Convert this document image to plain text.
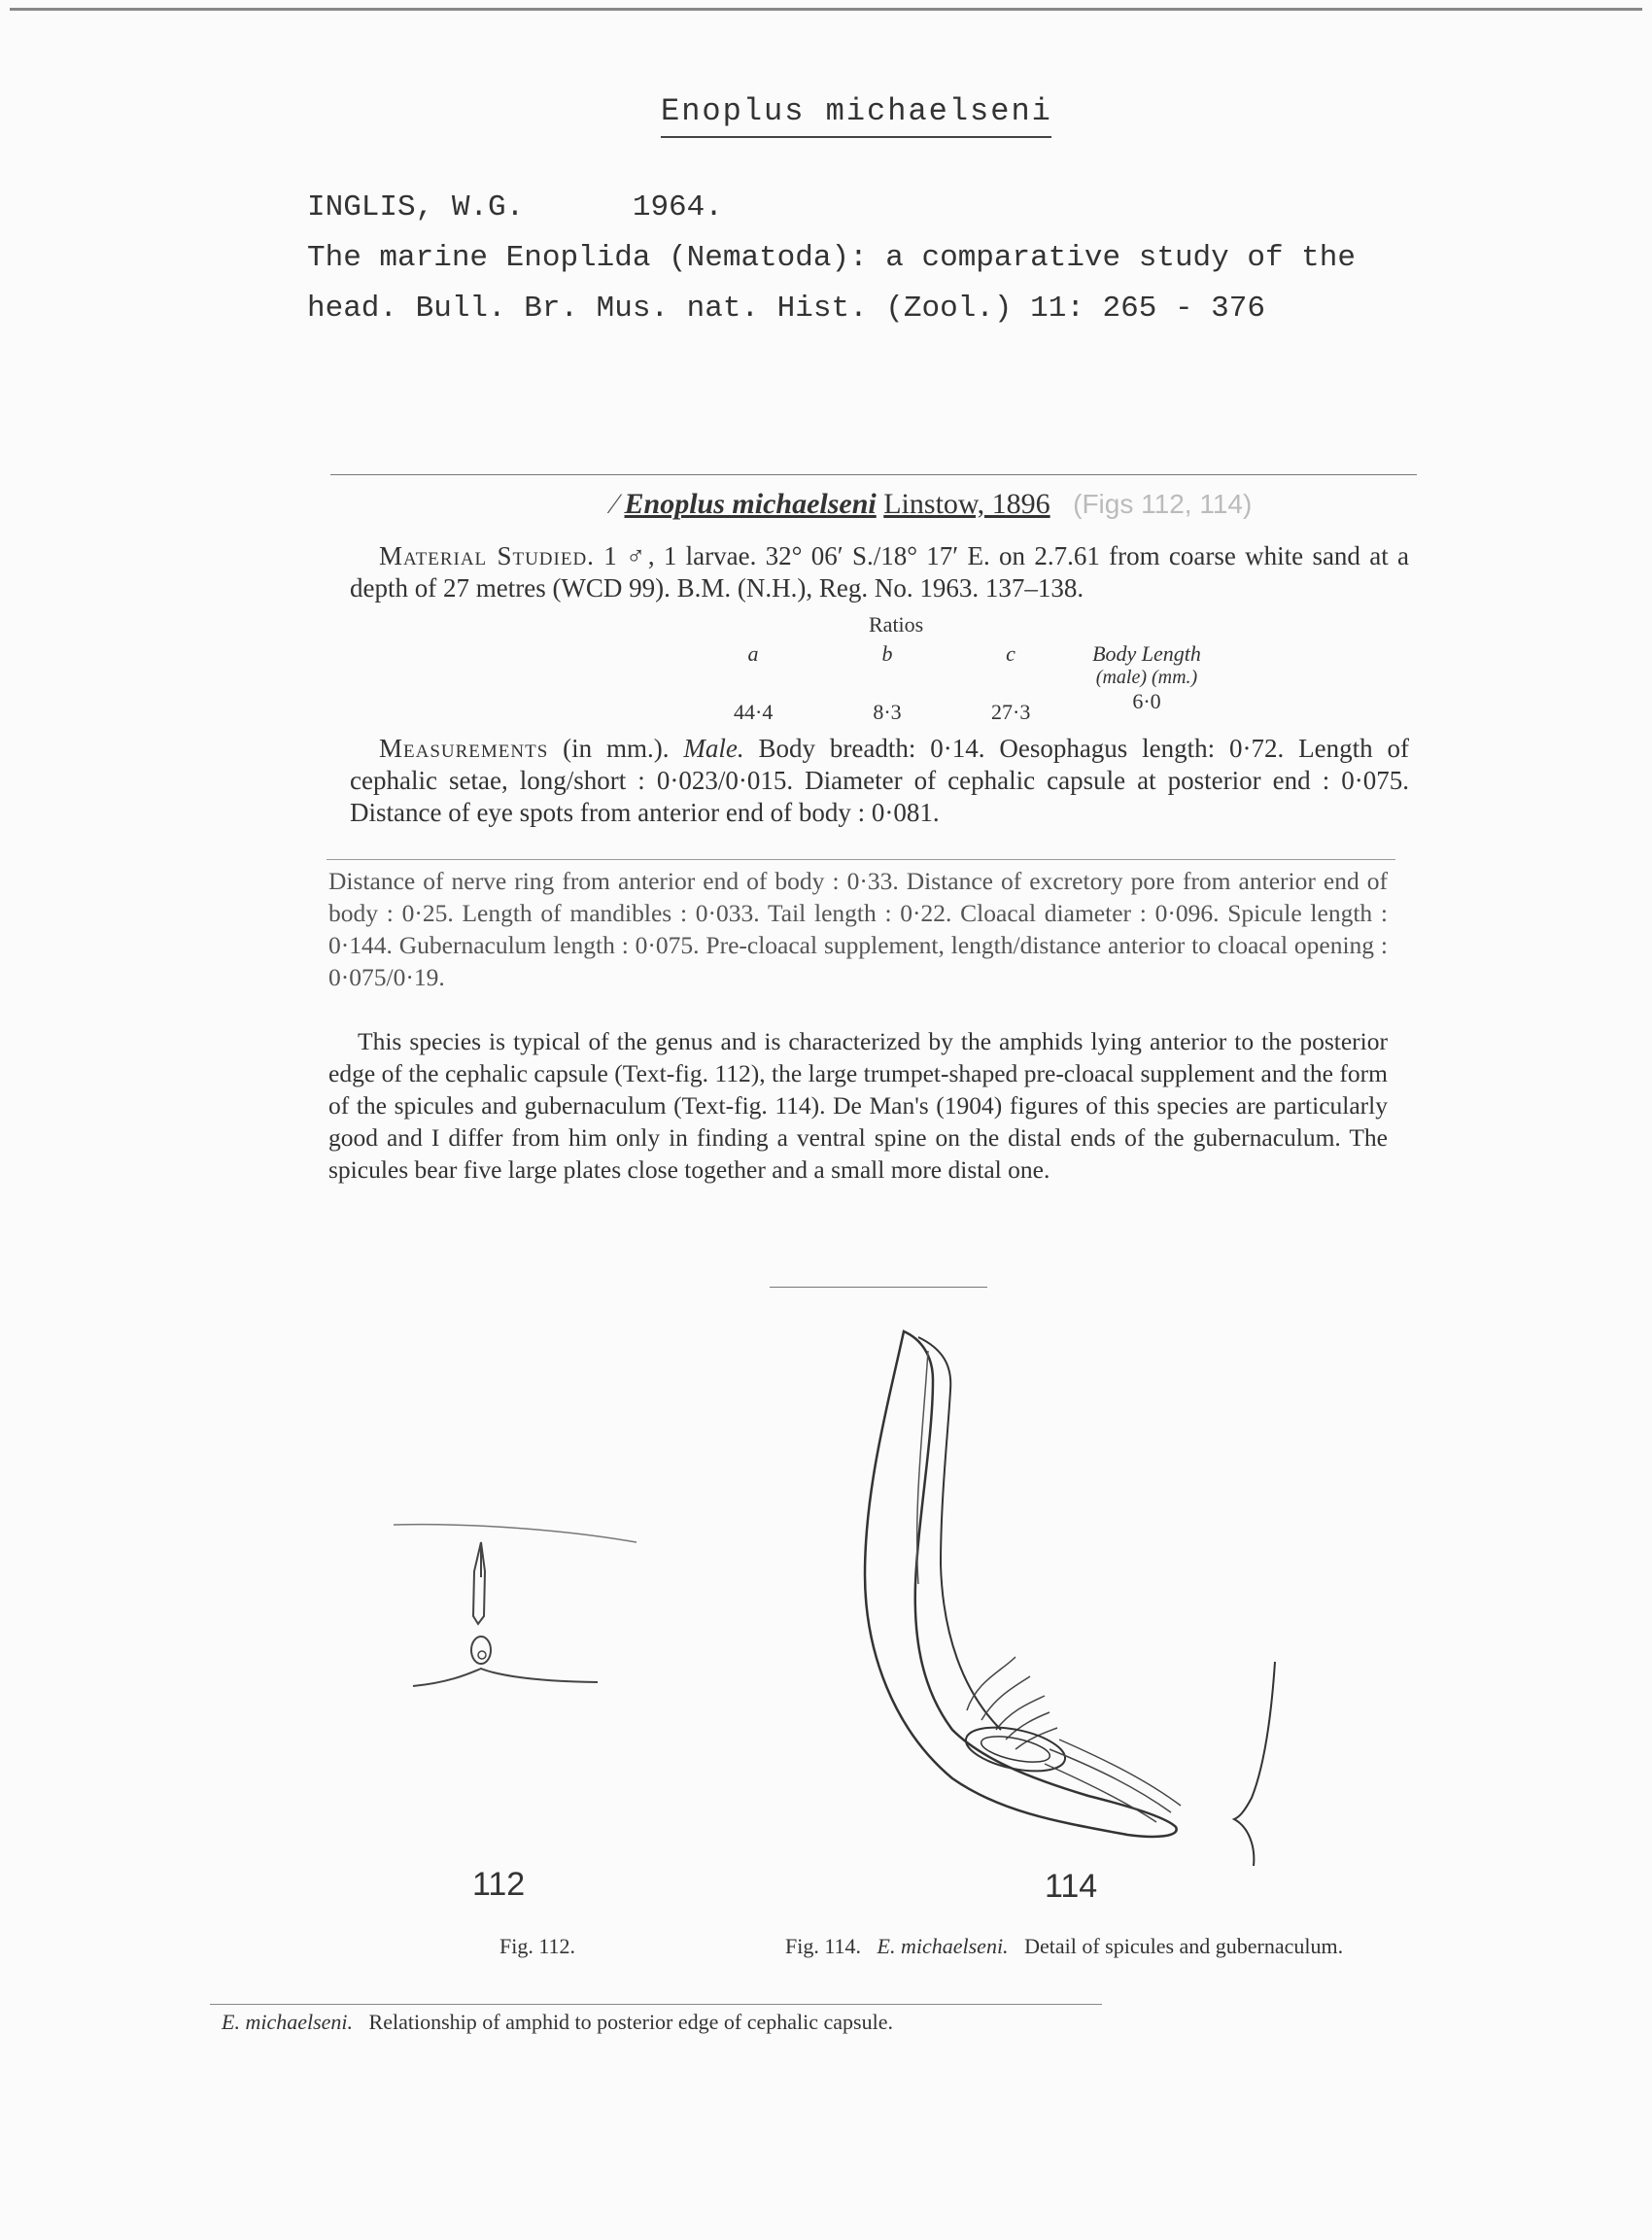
Enoplus michaelseni
INGLIS, W.G.      1964.
The marine Enoplida (Nematoda): a comparative study of the
head. Bull. Br. Mus. nat. Hist. (Zool.) 11: 265 - 376
⁄ Enoplus michaelseni Linstow, 1896 (Figs 112, 114)
Material Studied. 1 ♂, 1 larvae. 32° 06′ S./18° 17′ E. on 2.7.61 from coarse white sand at a depth of 27 metres (WCD 99). B.M. (N.H.), Reg. No. 1963. 137–138.
Ratios
a
44·4
b
8·3
c
27·3
Body Length
(male) (mm.)
6·0
Measurements (in mm.). Male. Body breadth: 0·14. Oesophagus length: 0·72. Length of cephalic setae, long/short : 0·023/0·015. Diameter of cephalic capsule at posterior end : 0·075. Distance of eye spots from anterior end of body : 0·081.
Distance of nerve ring from anterior end of body : 0·33. Distance of excretory pore from anterior end of body : 0·25. Length of mandibles : 0·033. Tail length : 0·22. Cloacal diameter : 0·096. Spicule length : 0·144. Gubernaculum length : 0·075. Pre-cloacal supplement, length/distance anterior to cloacal opening : 0·075/0·19.
This species is typical of the genus and is characterized by the amphids lying anterior to the posterior edge of the cephalic capsule (Text-fig. 112), the large trumpet-shaped pre-cloacal supplement and the form of the spicules and gubernaculum (Text-fig. 114). De Man's (1904) figures of this species are particularly good and I differ from him only in finding a ventral spine on the distal ends of the gubernaculum. The spicules bear five large plates close together and a small more distal one.
112	114
Fig. 112.	Fig. 114. E. michaelseni. Detail of spicules and gubernaculum.
E. michaelseni. Relationship of amphid to posterior edge of cephalic capsule.
